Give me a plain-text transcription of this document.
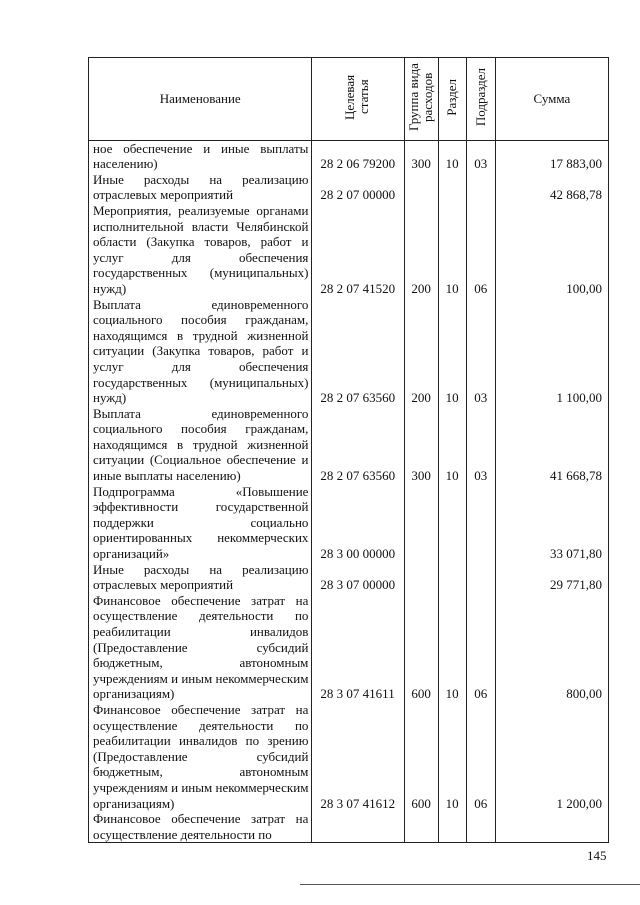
Наименование	Целевая статья	Группа вида расходов	Раздел	Подраздел	Сумма
ное обеспечение и иные выплаты населению)	28 2 06 79200	300	10	03	17 883,00
Иные расходы на реализацию отраслевых мероприятий	28 2 07 00000				42 868,78
Мероприятия, реализуемые органами исполнительной власти Челябинской области (Закупка товаров, работ и услуг для обеспечения государственных (муниципальных) нужд)	28 2 07 41520	200	10	06	100,00
Выплата единовременного социального пособия гражданам, находящимся в трудной жизненной ситуации (Закупка товаров, работ и услуг для обеспечения государственных (муниципальных) нужд)	28 2 07 63560	200	10	03	1 100,00
Выплата единовременного социального пособия гражданам, находящимся в трудной жизненной ситуации (Социальное обеспечение и иные выплаты населению)	28 2 07 63560	300	10	03	41 668,78
Подпрограмма «Повышение эффективности государственной поддержки социально ориентированных некоммерческих организаций»	28 3 00 00000				33 071,80
Иные расходы на реализацию отраслевых мероприятий	28 3 07 00000				29 771,80
Финансовое обеспечение затрат на осуществление деятельности по реабилитации инвалидов (Предоставление субсидий бюджетным, автономным учреждениям и иным некоммерческим организациям)	28 3 07 41611	600	10	06	800,00
Финансовое обеспечение затрат на осуществление деятельности по реабилитации инвалидов по зрению (Предоставление субсидий бюджетным, автономным учреждениям и иным некоммерческим организациям)	28 3 07 41612	600	10	06	1 200,00
Финансовое обеспечение затрат на осуществление деятельности по					
145
